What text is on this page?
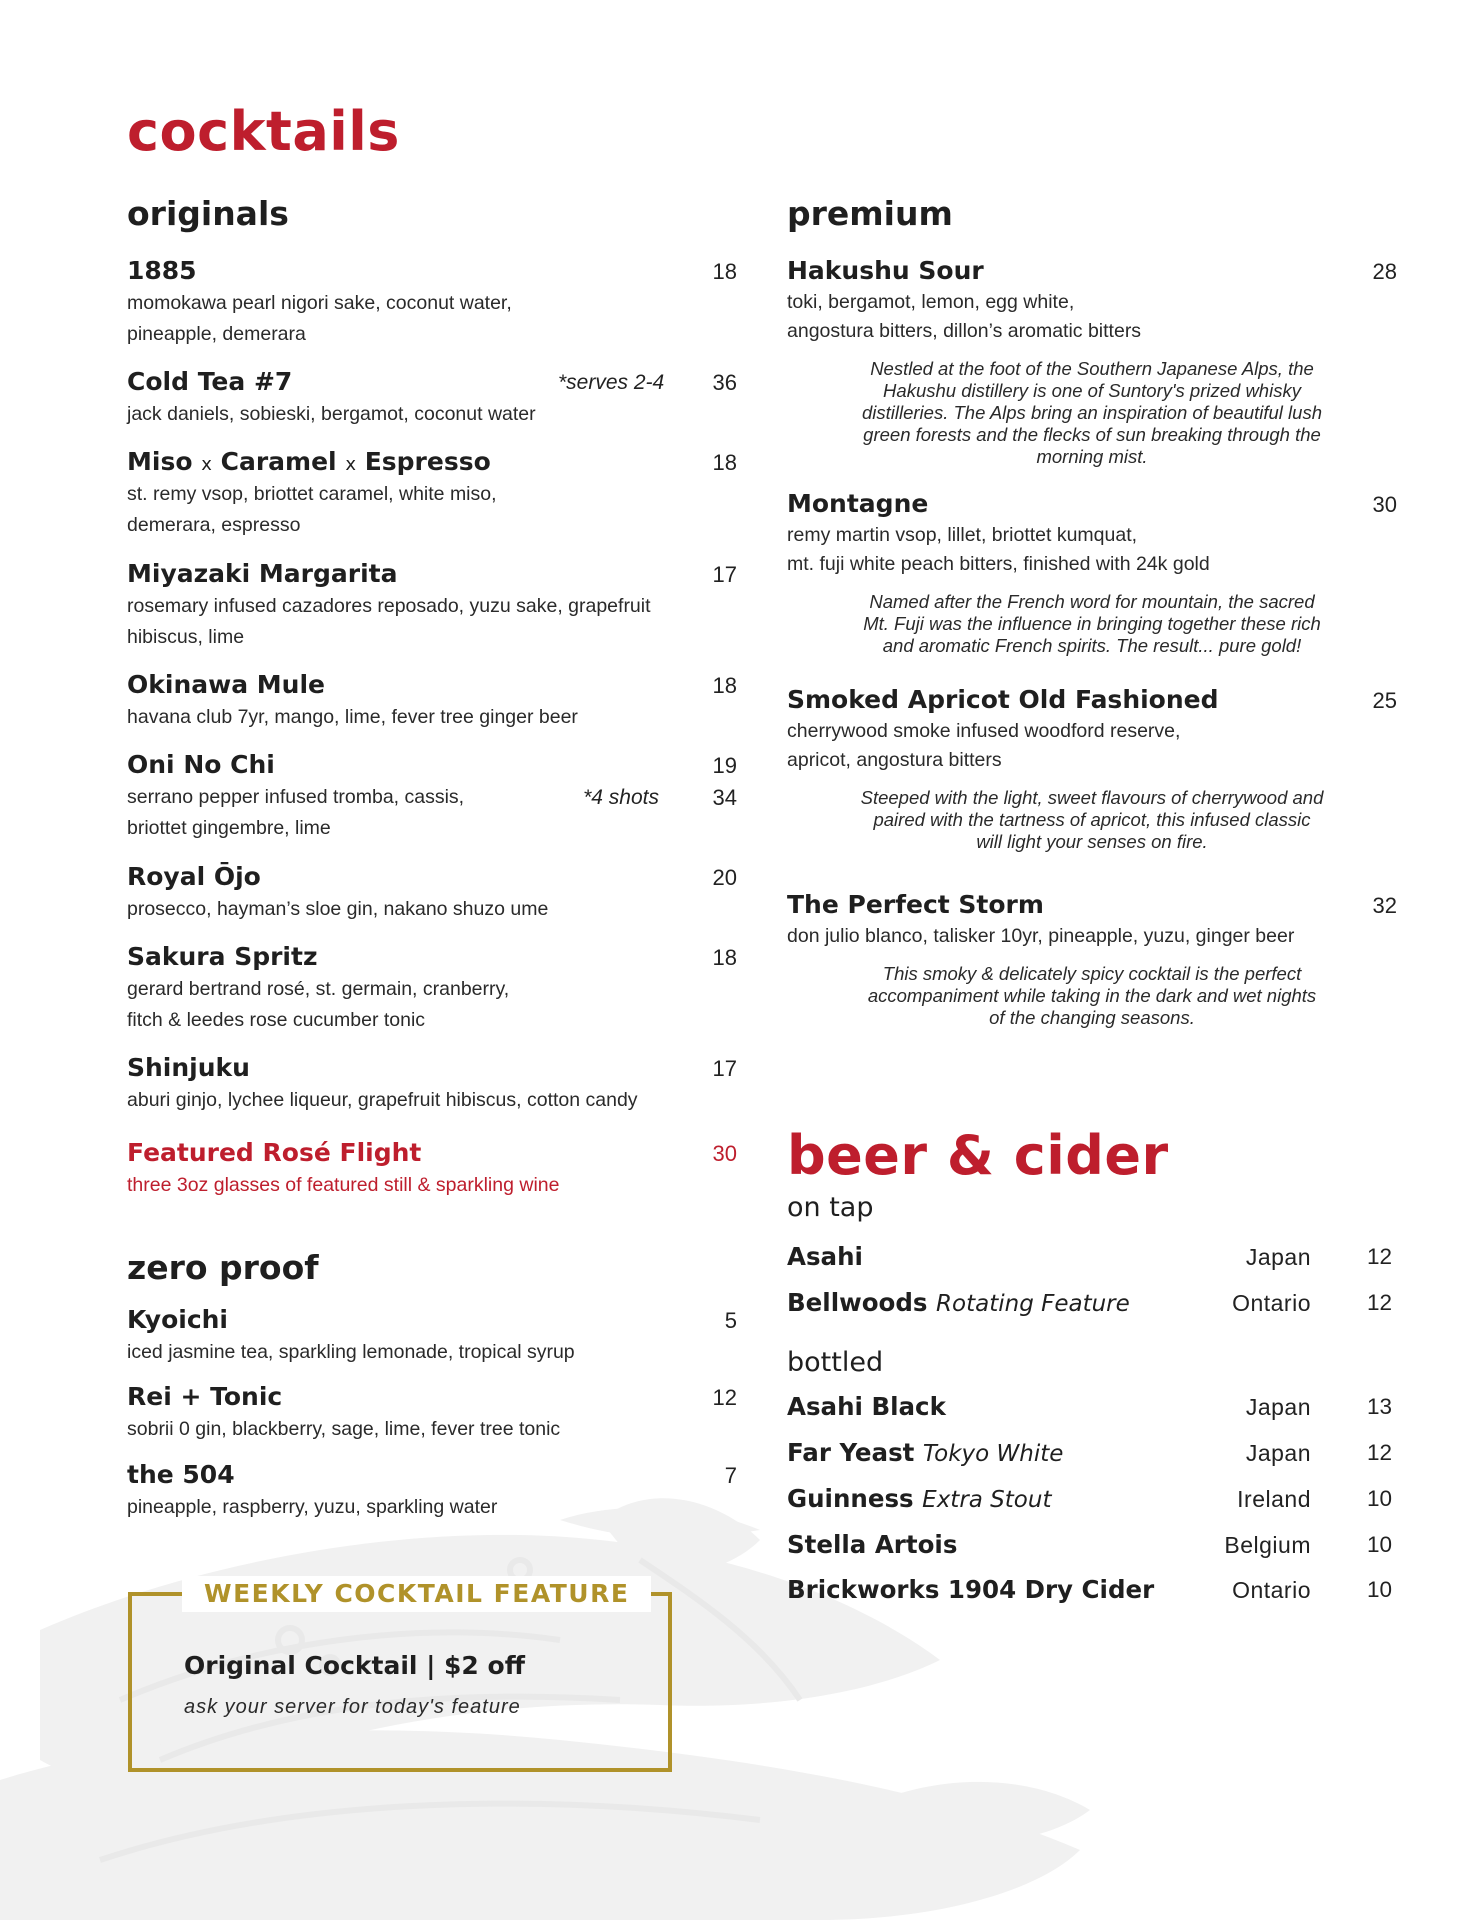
cocktails
originals
1885	18
momokawa pearl nigori sake, coconut water,
pineapple, demerara
Cold Tea #7	*serves 2-4 36
jack daniels, sobieski, bergamot, coconut water
Miso x Caramel x Espresso	18
st. remy vsop, briottet caramel, white miso,
demerara, espresso
Miyazaki Margarita	17
rosemary infused cazadores reposado, yuzu sake, grapefruit
hibiscus, lime
Okinawa Mule	18
havana club 7yr, mango, lime, fever tree ginger beer
Oni No Chi	19
serrano pepper infused tromba, cassis,	*4 shots 34
briottet gingembre, lime
Royal Ōjo	20
prosecco, hayman’s sloe gin, nakano shuzo ume
Sakura Spritz	18
gerard bertrand rosé, st. germain, cranberry,
fitch & leedes rose cucumber tonic
Shinjuku	17
aburi ginjo, lychee liqueur, grapefruit hibiscus, cotton candy
Featured Rosé Flight	30
three 3oz glasses of featured still & sparkling wine
zero proof
Kyoichi	5
iced jasmine tea, sparkling lemonade, tropical syrup
Rei + Tonic	12
sobrii 0 gin, blackberry, sage, lime, fever tree tonic
the 504	7
pineapple, raspberry, yuzu, sparkling water
WEEKLY COCKTAIL FEATURE
Original Cocktail | $2 off
ask your server for today's feature
premium
Hakushu Sour	28
toki, bergamot, lemon, egg white,
angostura bitters, dillon’s aromatic bitters
Nestled at the foot of the Southern Japanese Alps, the
Hakushu distillery is one of Suntory's prized whisky
distilleries. The Alps bring an inspiration of beautiful lush
green forests and the flecks of sun breaking through the
morning mist.
Montagne	30
remy martin vsop, lillet, briottet kumquat,
mt. fuji white peach bitters, finished with 24k gold
Named after the French word for mountain, the sacred
Mt. Fuji was the influence in bringing together these rich
and aromatic French spirits. The result... pure gold!
Smoked Apricot Old Fashioned	25
cherrywood smoke infused woodford reserve,
apricot, angostura bitters
Steeped with the light, sweet flavours of cherrywood and
paired with the tartness of apricot, this infused classic
will light your senses on fire.
The Perfect Storm	32
don julio blanco, talisker 10yr, pineapple, yuzu, ginger beer
This smoky & delicately spicy cocktail is the perfect
accompaniment while taking in the dark and wet nights
of the changing seasons.
beer & cider
on tap
Asahi	Japan 12
Bellwoods Rotating Feature	Ontario 12
bottled
Asahi Black	Japan 13
Far Yeast Tokyo White	Japan 12
Guinness Extra Stout	Ireland 10
Stella Artois	Belgium 10
Brickworks 1904 Dry Cider	Ontario 10
